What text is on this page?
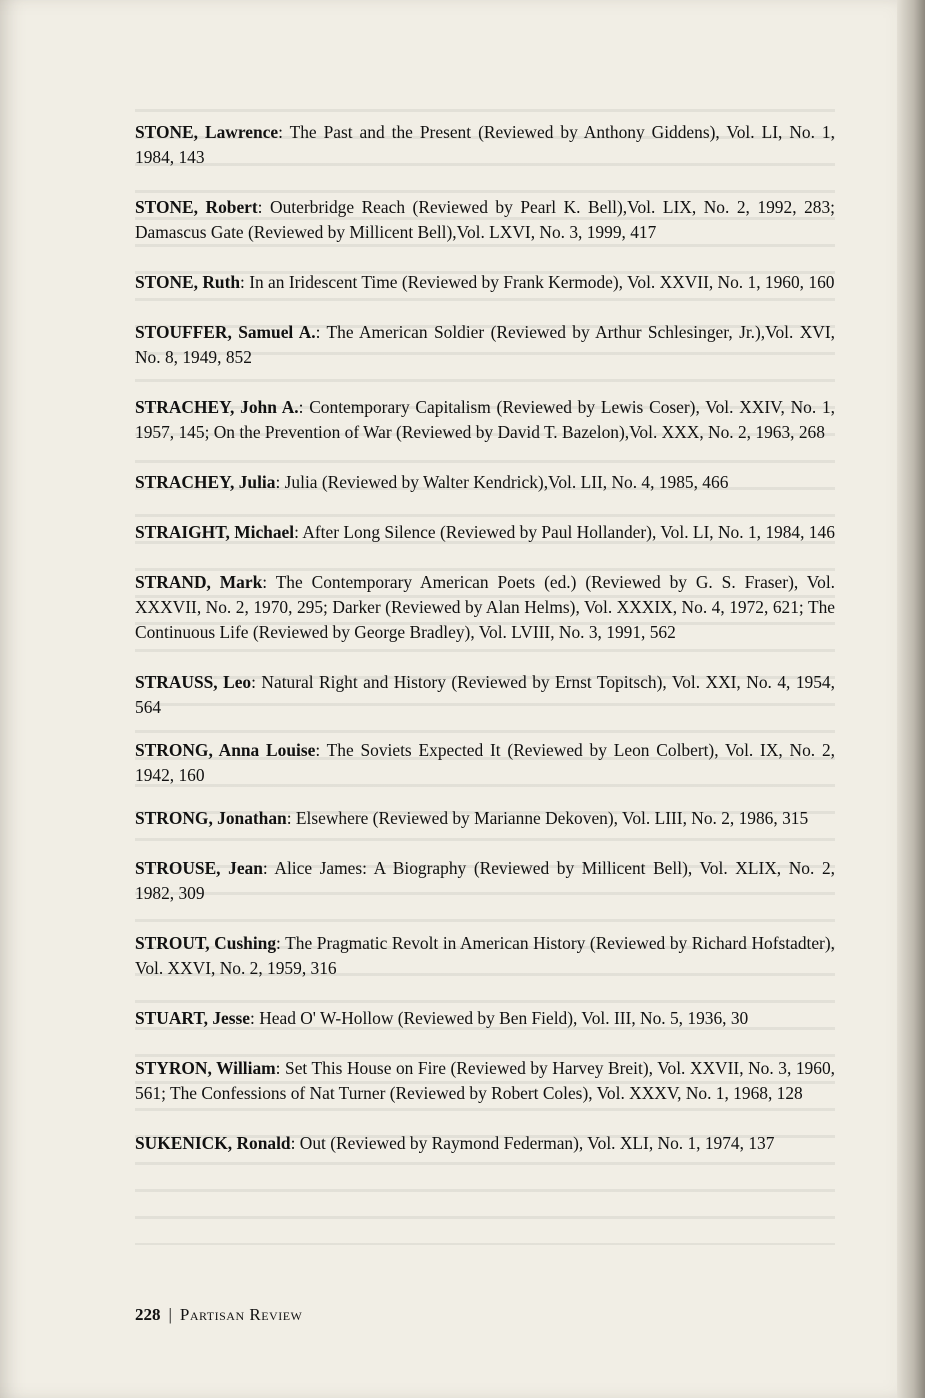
STONE, Lawrence: The Past and the Present (Reviewed by Anthony Giddens), Vol. LI, No. 1, 1984, 143

STONE, Robert: Outerbridge Reach (Reviewed by Pearl K. Bell),Vol. LIX, No. 2, 1992, 283; Damascus Gate (Reviewed by Millicent Bell),Vol. LXVI, No. 3, 1999, 417

STONE, Ruth: In an Iridescent Time (Reviewed by Frank Kermode), Vol. XXVII, No. 1, 1960, 160

STOUFFER, Samuel A.: The American Soldier (Reviewed by Arthur Schlesinger, Jr.),Vol. XVI, No. 8, 1949, 852

STRACHEY, John A.: Contemporary Capitalism (Reviewed by Lewis Coser), Vol. XXIV, No. 1, 1957, 145; On the Prevention of War (Reviewed by David T. Bazelon),Vol. XXX, No. 2, 1963, 268

STRACHEY, Julia: Julia (Reviewed by Walter Kendrick),Vol. LII, No. 4, 1985, 466

STRAIGHT, Michael: After Long Silence (Reviewed by Paul Hollander), Vol. LI, No. 1, 1984, 146

STRAND, Mark: The Contemporary American Poets (ed.) (Reviewed by G. S. Fraser), Vol. XXXVII, No. 2, 1970, 295; Darker (Reviewed by Alan Helms), Vol. XXXIX, No. 4, 1972, 621; The Continuous Life (Reviewed by George Bradley), Vol. LVIII, No. 3, 1991, 562

STRAUSS, Leo: Natural Right and History (Reviewed by Ernst Topitsch), Vol. XXI, No. 4, 1954, 564

STRONG, Anna Louise: The Soviets Expected It (Reviewed by Leon Colbert), Vol. IX, No. 2, 1942, 160

STRONG, Jonathan: Elsewhere (Reviewed by Marianne Dekoven), Vol. LIII, No. 2, 1986, 315

STROUSE, Jean: Alice James: A Biography (Reviewed by Millicent Bell), Vol. XLIX, No. 2, 1982, 309

STROUT, Cushing: The Pragmatic Revolt in American History (Reviewed by Richard Hofstadter), Vol. XXVI, No. 2, 1959, 316

STUART, Jesse: Head O' W-Hollow (Reviewed by Ben Field), Vol. III, No. 5, 1936, 30

STYRON, William: Set This House on Fire (Reviewed by Harvey Breit), Vol. XXVII, No. 3, 1960, 561; The Confessions of Nat Turner (Reviewed by Robert Coles), Vol. XXXV, No. 1, 1968, 128

SUKENICK, Ronald: Out (Reviewed by Raymond Federman), Vol. XLI, No. 1, 1974, 137

228 | Partisan Review
